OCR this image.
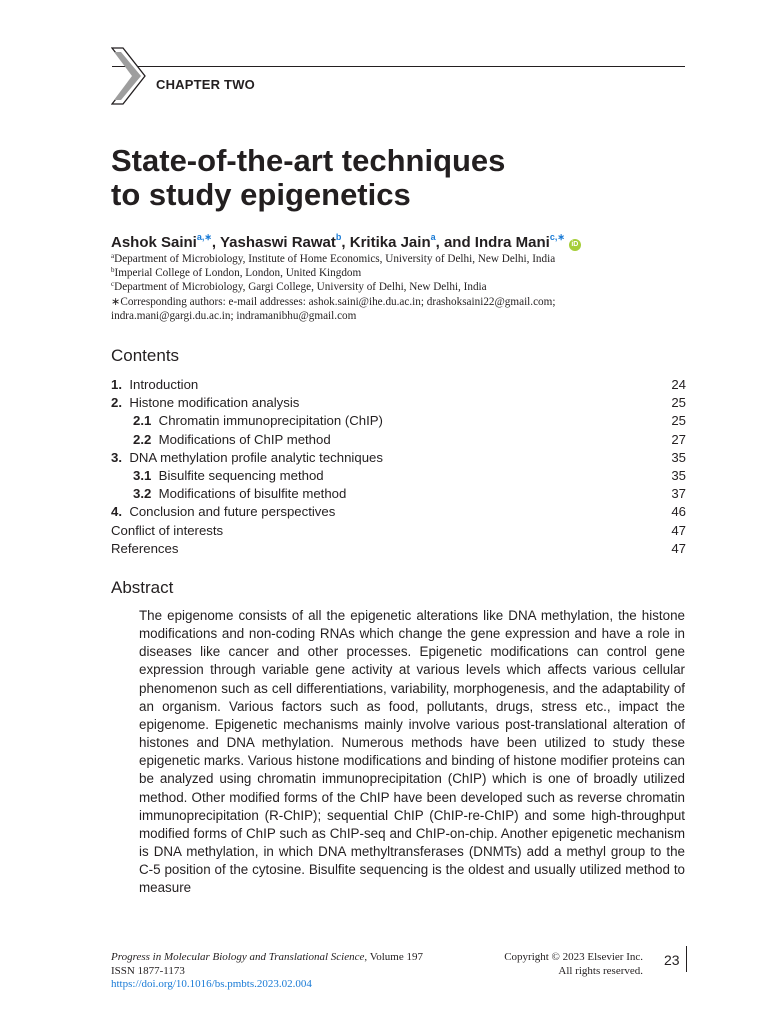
CHAPTER TWO
State-of-the-art techniques
to study epigenetics
Ashok Saini$^{a,∗}$, Yashaswi Rawat$^b$, Kritika Jain$^a$, and Indra Mani$^{c,∗}$iD
$^a$Department of Microbiology, Institute of Home Economics, University of Delhi, New Delhi, India
$^b$Imperial College of London, London, United Kingdom
$^c$Department of Microbiology, Gargi College, University of Delhi, New Delhi, India
∗Corresponding authors: e-mail addresses: ashok.saini@ihe.du.ac.in; drashoksaini22@gmail.com;
indra.mani@gargi.du.ac.in; indramanibhu@gmail.com
Contents
1. Introduction	24
2. Histone modification analysis	25
2.1 Chromatin immunoprecipitation (ChIP)	25
2.2 Modifications of ChIP method	27
3. DNA methylation profile analytic techniques	35
3.1 Bisulfite sequencing method	35
3.2 Modifications of bisulfite method	37
4. Conclusion and future perspectives	46
Conflict of interests	47
References	47
Abstract
The epigenome consists of all the epigenetic alterations like DNA methylation, the histone modifications and non-coding RNAs which change the gene expression and have a role in diseases like cancer and other processes. Epigenetic modifications can control gene expression through variable gene activity at various levels which affects various cellular phenomenon such as cell differentiations, variability, morphogenesis, and the adaptability of an organism. Various factors such as food, pollutants, drugs, stress etc., impact the epigenome. Epigenetic mechanisms mainly involve various post-translational alteration of histones and DNA methylation. Numerous methods have been utilized to study these epigenetic marks. Various histone modifications and binding of histone modifier proteins can be analyzed using chromatin immunoprecipitation (ChIP) which is one of broadly utilized method. Other modified forms of the ChIP have been developed such as reverse chromatin immunoprecipitation (R-ChIP); sequential ChIP (ChIP-re-ChIP) and some high-throughput modified forms of ChIP such as ChIP-seq and ChIP-on-chip. Another epigenetic mechanism is DNA methylation, in which DNA methyltransferases (DNMTs) add a methyl group to the C-5 position of the cytosine. Bisulfite sequencing is the oldest and usually utilized method to measure
Progress in Molecular Biology and Translational Science, Volume 197
ISSN 1877-1173
https://doi.org/10.1016/bs.pmbts.2023.02.004
Copyright © 2023 Elsevier Inc.
All rights reserved.
23
